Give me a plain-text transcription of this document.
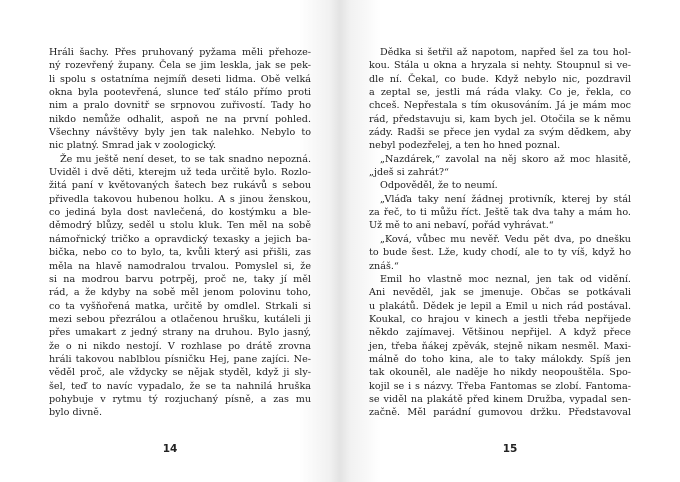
Hráli šachy. Přes pruhovaný pyžama měli přehoze-
ný rozevřený župany. Čela se jim leskla, jak se pek-
li spolu s ostatníma nejmíň deseti lidma. Obě velká
okna byla pootevřená, slunce teď stálo přímo proti
nim a pralo dovnitř se srpnovou zuřivostí. Tady ho
nikdo nemůže odhalit, aspoň ne na první pohled.
Všechny návštěvy byly jen tak nalehko. Nebylo to
nic platný. Smrad jak v zoologický.
Že mu ještě není deset, to se tak snadno nepozná.
Uviděl i dvě děti, kterejm už teda určitě bylo. Rozlo-
žitá paní v květovaných šatech bez rukávů s sebou
přivedla takovou hubenou holku. A s jinou ženskou,
co jediná byla dost navlečená, do kostýmku a ble-
děmodrý blůzy, seděl u stolu kluk. Ten měl na sobě
námořnický tričko a opravdický texasky a jejich ba-
bička, nebo co to bylo, ta, kvůli který asi přišli, zas
měla na hlavě namodralou trvalou. Pomyslel si, že
si na modrou barvu potrpěj, proč ne, taky jí měl
rád, a že kdyby na sobě měl jenom polovinu toho,
co ta vyšňořená matka, určitě by omdlel. Strkali si
mezi sebou přezrálou a otlačenou hrušku, kutáleli ji
přes umakart z jedný strany na druhou. Bylo jasný,
že o ni nikdo nestojí. V rozhlase po drátě zrovna
hráli takovou nablblou písničku Hej, pane zajíci. Ne-
věděl proč, ale vždycky se nějak styděl, když ji sly-
šel, teď to navíc vypadalo, že se ta nahnilá hruška
pohybuje v rytmu tý rozjuchaný písně, a zas mu
bylo divně.
14
Dědka si šetřil až napotom, napřed šel za tou hol-
kou. Stála u okna a hryzala si nehty. Stoupnul si ve-
dle ní. Čekal, co bude. Když nebylo nic, pozdravil
a zeptal se, jestli má ráda vlaky. Co je, řekla, co
chceš. Nepřestala s tím okusováním. Já je mám moc
rád, představuju si, kam bych jel. Otočila se k němu
zády. Radši se přece jen vydal za svým dědkem, aby
nebyl podezřelej, a ten ho hned poznal.
„Nazdárek,“ zavolal na něj skoro až moc hlasitě,
„jdeš si zahrát?“
Odpověděl, že to neumí.
„Vláďa taky není žádnej protivník, kterej by stál
za řeč, to ti můžu říct. Ještě tak dva tahy a mám ho.
Už mě to ani nebaví, pořád vyhrávat.“
„Ková, vůbec mu nevěř. Vedu pět dva, po dnešku
to bude šest. Lže, kudy chodí, ale to ty víš, když ho
znáš.“
Emil ho vlastně moc neznal, jen tak od vidění.
Ani nevěděl, jak se jmenuje. Občas se potkávali
u plakátů. Dědek je lepil a Emil u nich rád postával.
Koukal, co hrajou v kinech a jestli třeba nepřijede
někdo zajímavej. Většinou nepřijel. A když přece
jen, třeba ňákej zpěvák, stejně nikam nesměl. Maxi-
málně do toho kina, ale to taky málokdy. Spíš jen
tak okouněl, ale naděje ho nikdy neopouštěla. Spo-
kojil se i s názvy. Třeba Fantomas se zlobí. Fantoma-
se viděl na plakátě před kinem Družba, vypadal sen-
začně. Měl parádní gumovou držku. Představoval
15
